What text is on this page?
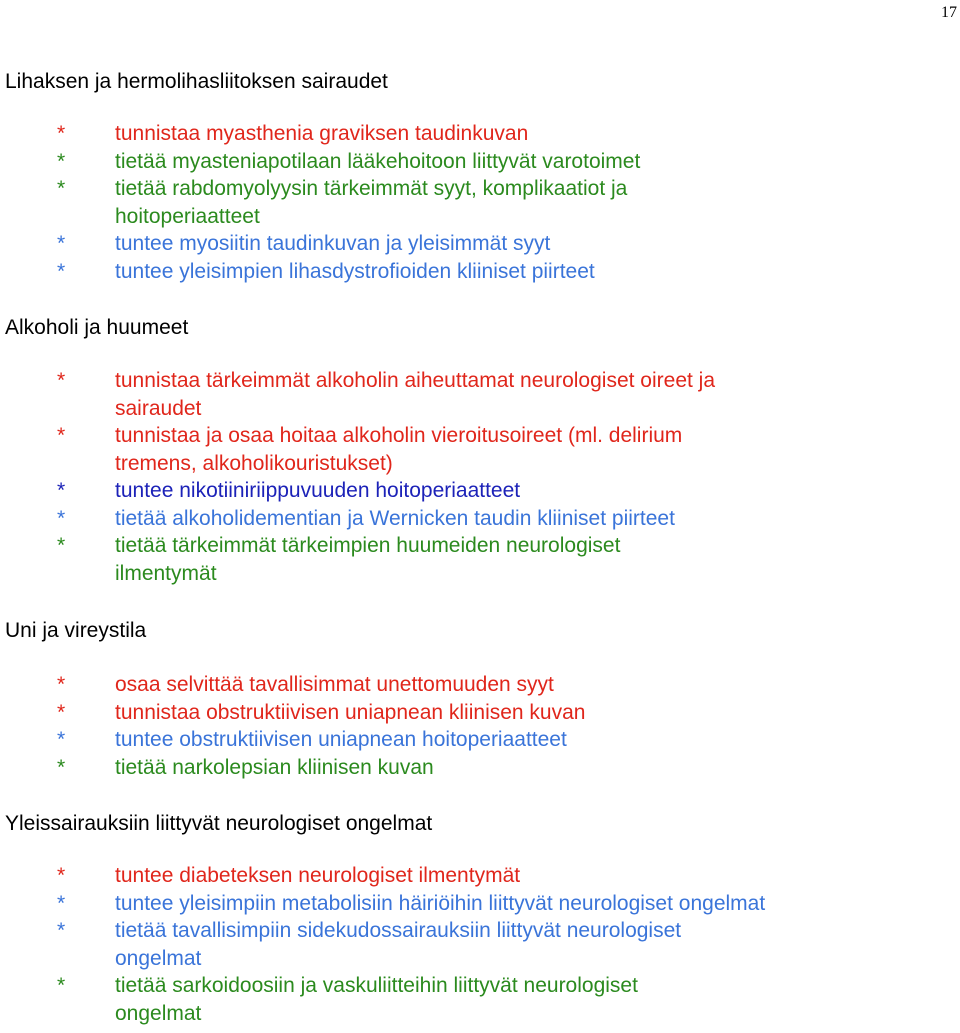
17
Lihaksen ja hermolihasliitoksen sairaudet
* tunnistaa myasthenia graviksen taudinkuvan
* tietää myasteniapotilaan lääkehoitoon liittyvät varotoimet
* tietää rabdomyolyysin tärkeimmät syyt, komplikaatiot ja
hoitoperiaatteet
* tuntee myosiitin taudinkuvan ja yleisimmät syyt
* tuntee yleisimpien lihasdystrofioiden kliiniset piirteet
Alkoholi ja huumeet
* tunnistaa tärkeimmät alkoholin aiheuttamat neurologiset oireet ja
sairaudet
* tunnistaa ja osaa hoitaa alkoholin vieroitusoireet (ml. delirium
tremens, alkoholikouristukset)
* tuntee nikotiiniriippuvuuden hoitoperiaatteet
* tietää alkoholidementian ja Wernicken taudin kliiniset piirteet
* tietää tärkeimmät tärkeimpien huumeiden neurologiset
ilmentymät
Uni ja vireystila
* osaa selvittää tavallisimmat unettomuuden syyt
* tunnistaa obstruktiivisen uniapnean kliinisen kuvan
* tuntee obstruktiivisen uniapnean hoitoperiaatteet
* tietää narkolepsian kliinisen kuvan
Yleissairauksiin liittyvät neurologiset ongelmat
* tuntee diabeteksen neurologiset ilmentymät
* tuntee yleisimpiin metabolisiin häiriöihin liittyvät neurologiset ongelmat
* tietää tavallisimpiin sidekudossairauksiin liittyvät neurologiset
ongelmat
* tietää sarkoidoosiin ja vaskuliitteihin liittyvät neurologiset
ongelmat
